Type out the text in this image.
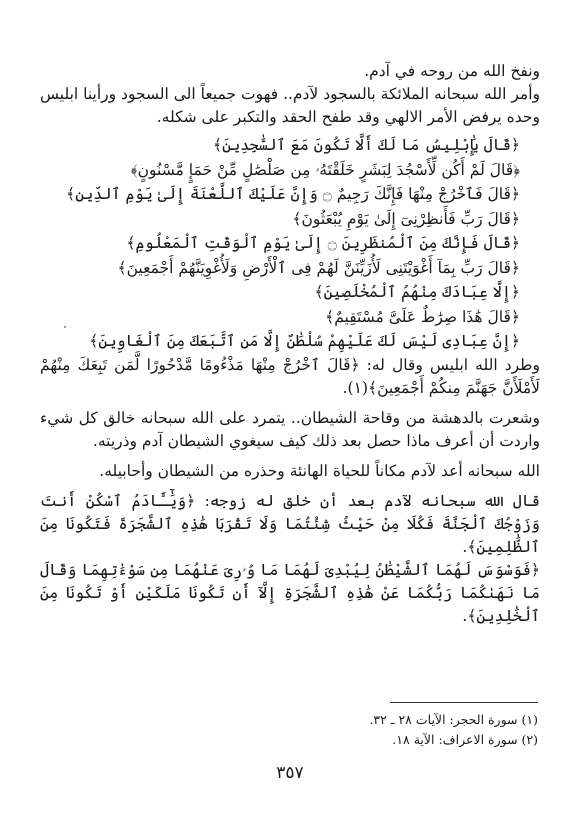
ونفخ الله من روحه في آدم.

وأمر الله سبحانه الملائكة بالسجود لآدم.. فهوت جميعاً الى السجود ورأينا ابليس وحده يرفض الأمر الالهي وقد طفح الحقد والتكبر على شكله.

﴿قَالَ يَٰإِبْلِيسُ مَا لَكَ أَلَّا تَكُونَ مَعَ ٱلسَّٰجِدِينَ﴾

﴿قَالَ لَمْ أَكُن لِّأَسْجُدَ لِبَشَرٍ خَلَقْتَهُۥ مِن صَلْصَٰلٍ مِّنْ حَمَإٍ مَّسْنُونٍ﴾

﴿قَالَ فَٱخْرُجْ مِنْهَا فَإِنَّكَ رَجِيمٌ ۝ وَإِنَّ عَلَيْكَ ٱللَّعْنَةَ إِلَىٰ يَوْمِ ٱلدِّينِ﴾

﴿قَالَ رَبِّ فَأَنظِرْنِىٓ إِلَىٰ يَوْمِ يُبْعَثُونَ﴾

﴿قَالَ فَإِنَّكَ مِنَ ٱلْمُنظَرِينَ ۝ إِلَىٰ يَوْمِ ٱلْوَقْتِ ٱلْمَعْلُومِ﴾

﴿قَالَ رَبِّ بِمَآ أَغْوَيْتَنِى لَأُزَيِّنَنَّ لَهُمْ فِى ٱلْأَرْضِ وَلَأُغْوِيَنَّهُمْ أَجْمَعِينَ﴾

﴿إِلَّا عِبَادَكَ مِنْهُمُ ٱلْمُخْلَصِينَ﴾

﴿قَالَ هَٰذَا صِرَٰطٌ عَلَىَّ مُسْتَقِيمٌ﴾

﴿إِنَّ عِبَادِى لَيْسَ لَكَ عَلَيْهِمْ سُلْطَٰنٌ إِلَّا مَنِ ٱتَّبَعَكَ مِنَ ٱلْغَاوِينَ﴾

وطرد الله ابليس وقال له: ﴿قَالَ ٱخْرُجْ مِنْهَا مَذْءُومًا مَّدْحُورًا لَّمَن تَبِعَكَ مِنْهُمْ لَأَمْلَأَنَّ جَهَنَّمَ مِنكُمْ أَجْمَعِينَ﴾(١).

وشعرت بالدهشة من وقاحة الشيطان.. يتمرد على الله سبحانه خالق كل شيء واردت أن أعرف ماذا حصل بعد ذلك كيف سيغوي الشيطان آدم وذريته.

الله سبحانه أعد لآدم مكاناً للحياة الهانئة وحذره من الشيطان وأحابيله.

قال الله سبحانه لآدم بعد أن خلق له زوجه: ﴿وَيَٰٓـَٔادَمُ ٱسْكُنْ أَنتَ وَزَوْجُكَ ٱلْجَنَّةَ فَكُلَا مِنْ حَيْثُ شِئْتُمَا وَلَا تَقْرَبَا هَٰذِهِ ٱلشَّجَرَةَ فَتَكُونَا مِنَ ٱلظَّٰلِمِينَ﴾.

﴿فَوَسْوَسَ لَهُمَا ٱلشَّيْطَٰنُ لِيُبْدِىَ لَهُمَا مَا وُۥرِىَ عَنْهُمَا مِن سَوْءَٰتِهِمَا وَقَالَ مَا نَهَىٰكُمَا رَبُّكُمَا عَنْ هَٰذِهِ ٱلشَّجَرَةِ إِلَّآ أَن تَكُونَا مَلَكَيْنِ أَوْ تَكُونَا مِنَ ٱلْخَٰلِدِينَ﴾.

(١) سورة الحجر: الآيات ٢٨ ـ ٣٢.

(٢) سورة الاعراف: الآية ١٨.

٣٥٧
